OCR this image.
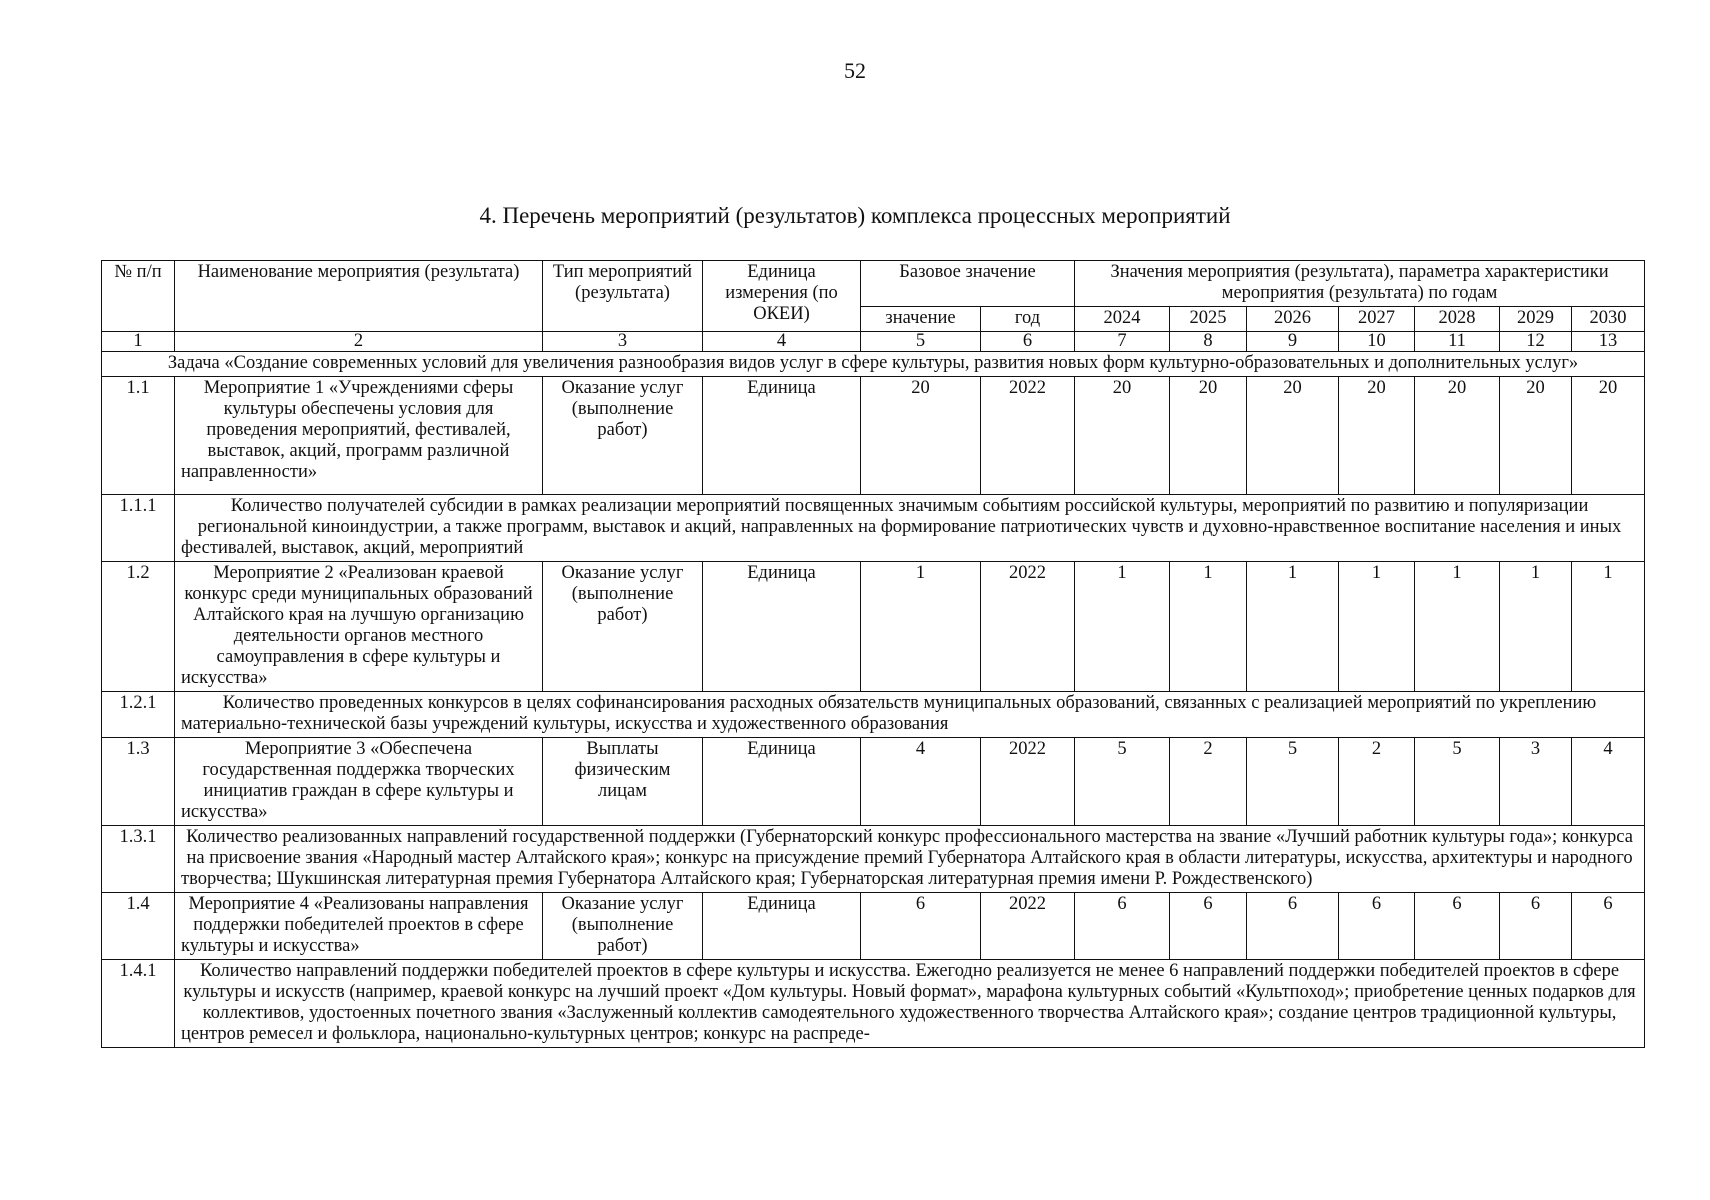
52
4. Перечень мероприятий (результатов) комплекса процессных мероприятий
№ п/п	Наименование мероприятия (результата)	Тип мероприятий (результата)	Единица измерения (по ОКЕИ)	Базовое значение		Значения мероприятия (результата), параметра характеристики мероприятия (результата) по годам						
				значение	год	2024	2025	2026	2027	2028	2029	2030
1	2	3	4	5	6	7	8	9	10	11	12	13
Задача «Создание современных условий для увеличения разнообразия видов услуг в сфере культуры, развития новых форм культурно-образовательных и дополнительных услуг»												
1.1	Мероприятие 1 «Учреждениями сферы культуры обеспечены условия для проведения мероприятий, фестивалей, выставок, акций, программ различной направленности»	Оказание услуг (выполнение работ)	Единица	20	2022	20	20	20	20	20	20	20
1.1.1	Количество получателей субсидии в рамках реализации мероприятий посвященных значимым событиям российской культуры, мероприятий по развитию и популяризации региональной киноиндустрии, а также программ, выставок и акций, направленных на формирование патриотических чувств и духовно-нравственное воспитание населения и иных фестивалей, выставок, акций, мероприятий											
1.2	Мероприятие 2 «Реализован краевой конкурс среди муниципальных образований Алтайского края на лучшую организацию деятельности органов местного самоуправления в сфере культуры и искусства»	Оказание услуг (выполнение работ)	Единица	1	2022	1	1	1	1	1	1	1
1.2.1	Количество проведенных конкурсов в целях софинансирования расходных обязательств муниципальных образований, связанных с реализацией мероприятий по укреплению материально-технической базы учреждений культуры, искусства и художественного образования											
1.3	Мероприятие 3 «Обеспечена государственная поддержка творческих инициатив граждан в сфере культуры и искусства»	Выплаты физическим лицам	Единица	4	2022	5	2	5	2	5	3	4
1.3.1	Количество реализованных направлений государственной поддержки (Губернаторский конкурс профессионального мастерства на звание «Лучший работник культуры года»; конкурса на присвоение звания «Народный мастер Алтайского края»; конкурс на присуждение премий Губернатора Алтайского края в области литературы, искусства, архитектуры и народного творчества; Шукшинская литературная премия Губернатора Алтайского края; Губернаторская литературная премия имени Р. Рождественского)											
1.4	Мероприятие 4 «Реализованы направления поддержки победителей проектов в сфере культуры и искусства»	Оказание услуг (выполнение работ)	Единица	6	2022	6	6	6	6	6	6	6
1.4.1	Количество направлений поддержки победителей проектов в сфере культуры и искусства. Ежегодно реализуется не менее 6 направлений поддержки победителей проектов в сфере культуры и искусств (например, краевой конкурс на лучший проект «Дом культуры. Новый формат», марафона культурных событий «Культпоход»; приобретение ценных подарков для коллективов, удостоенных почетного звания «Заслуженный коллектив самодеятельного художественного творчества Алтайского края»; создание центров традиционной культуры, центров ремесел и фольклора, национально-культурных центров; конкурс на распреде-											
